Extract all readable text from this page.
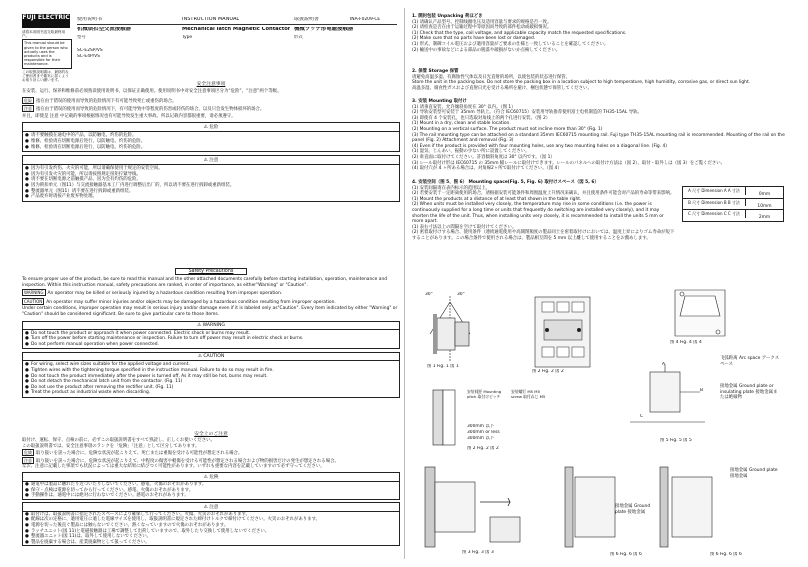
FUJI ELECTRIC
请将本说明书送交给最终用户。
This manual should be given to the person who actually uses the products and is responsible for their maintenance.
この取扱説明書は、最終的なご使用者まで確実に届くようお取り計らい願います。
使用说明书	INSTRUCTION MANUAL	取扱説明書	INA-F0209-CE
机械锁扣型交流接触器	Mechanical latch Magnetic Contactor 機械ラッチ形電磁接触器
型号	Type	形式
SC-E2SP/VS
SC-E4P/VS
安全注意事项
在安装、运行、保养和维修前必须熟读使用说明书，以保证正确使用。使用说明书中对安全注意事项区分为“危险”、“注意”两个等级。
危险 指在由于错误的使用而导致的危险情况下有可能导致死亡或重伤的场合。
注意 指在由于错误的使用而导致的危险情况下，有可能导致中等程度的伤害或轻伤的场合，以及只会发生物体损坏的场合。
并且，即使是 注意 中记载的事项根据情况也有可能导致发生重大事故。所以记载内容都很重要，请必须遵守。
⚠ 危险
● 请不要触摸在通电中的产品，以防触电、灼伤的危险。
● 维修、检验请在切断电源后进行，以防触电、灼伤的危险。
● 维修、检验请在切断电源后进行，以防触电、灼伤的危险。
⚠ 注意
● 因为有引发灼伤、火灾的可能，所以请确保使用于规定的安装空间。
● 因为有引发火灾的可能，所以请按照规定扭矩拧紧导线。
● 请不要在切断电源之前触摸产品，因为会有灼伤的危险。
● 因为锁扣单元（图11）与交流接触器基本工厂内进行调整后出厂的，所以请不要在进行拆卸或重新组装。
● 整流器单元（图11）请不要在进行拆卸或重新组装。
● 产品废弃时请按产业废弃物处理。
Safety Precautions
To ensure proper use of the product, be sure to read this manual and the other attached documents carefully before starting installation, operation, maintenance and inspection. Within this instruction manual, safety precautions are ranked, in order of importance, as either"Warning" or "Caution".
WARNING An operator may be killed or seriously injured by a hazardous condition resulting from improper operation.
CAUTION An operator may suffer minor injuries and/or objects may be damaged by a hazardous condition resulting from improper operation.
Under certain conditions, improper operation may result in serious injury and/or damage even if it is labeled only as"Caution". Every item indicated by either "Warning" or "Caution" should be considered significant. Be sure to give particular care to those items.
⚠ WARNING
● Do not touch the product or approach it when power connected. Electric shock or burns may result.
● Turn off the power before starting maintenance or inspection. Failure to turn off power may result in electric shock or burns.
● Do not perform manual operation when power connected.
⚠ CAUTION
● For wiring, select wire sizes suitable for the applied voltage and current.
● Tighten wires with the tightening torque specified in the instruction manual. Failure to do so may result in fire.
● Do not touch the product immediately after the power is turned off. As it may still be hot, burns may result.
● Do not detach the mechanical latch unit from the contactor. (Fig. 11)
● Do not use the product after removing the rectifier unit. (Fig. 11)
● Treat the product as industrial waste when discarding.
安全上のご注意
取付け、運転、保守、点検の前に、必ずこの取扱説明書をすべて熟読し、正しくお使いください。
この取扱説明書では、安全注意事項のランクを「危険」「注意」として区分してあります。
危険 取り扱いを誤った場合に、危険な状況が起こりえて、死亡または重傷を受ける可能性が想定される場合。
注意 取り扱いを誤った場合に、危険な状況が起こりえて、中程度の傷害や軽傷を受ける可能性が想定される場合および物的損害だけの発生が想定される場合。
なお、注意に記載した事項でも状況によっては重大な結果に結びつく可能性があります。いずれも重要な内容を記載していますので必ず守ってください。
⚠ 危険
● 通電中は製品に触れたり近づいたりしないでください。感電、火傷のおそれがあります。
● 保守・点検は電源を切ってから行ってください。感電、火傷のおそれがあります。
● 手動操作は、通電中には絶対に行わないでください。感電のおそれがあります。
⚠ 注意
● 取付けは、取扱説明書に指定されたスペースにより確保して行ってください。火傷、火災のおそれがあります。
● 配線は次の定格に、適用電圧に適した電線サイズを使用し、取扱説明書に規定された締付けトルクで締付けてください。火災のおそれがあります。
● 電源を切った後直ぐ製品には触らないでください。熱くなっていますので火傷のおそれがあります。
● ラッチユニット(図 11)と電磁接触器は工場で調整して出荷していますので、取外したり交換して使用しないでください。
● 整流器ユニット(図 11)は、取外して使用しないでください。
● 製品を廃棄する場合は、産業廃棄物として扱ってください。
1. 開封包装 Unpacking 荷ほどき
(1) 请确认产品型号、控制线圈电压及适用容量与要求的规格是否一致。
(2) 请检查是否在由于运输过程中等原因而导致的部件松动或破损情况。
(1) Check that the type, coil voltage, and applicable capacity match the requested specifications.
(2) Make sure that no parts have been lost or damaged.
(1) 形式、制御コイル電圧および適用容量がご要求の仕様と一致していることを確認してください。
(2) 輸送中の事故などによる部品の脱落や破損がないか点検してください。
2. 保管 Storage 保管
请避免高温多湿、有腐蚀性气体以及日光直射的场所，以使包装的状态进行保管。
Store the unit in the packing box. Do not store the packing box in a location subject to high temperature, high humidity, corrosive gas, or direct sun light.
高温多湿、腐食性ガスおよび直射日光を受ける場所を避け、梱包状態で保管してください。
3. 安装 Mounting 取付け
(1) 请垂直安装，允许倾斜角度在 30° 以内。（图 1）
(2) 导轨安装型可安装于 35mm 导轨上。（符合 IEC60715）安装用导轨推荐使用富士电机制造的 TH35-15AL 导轨。
(3) 即使有 4 个安装孔，也只选取对角线上的两个孔进行安装。（图 2）
(1) Mount in a dry, clean and stable location.
(2) Mounting on a vertical surface. The product must not incline more than 30° (Fig. 1)
(3) The rail mounting type can be attached on a standard 35mm IEC60715 mounting rail. Fuji type TH35-15AL mounting rail is recommended. Mounting of the rail on the panel (Fig. 2) Attachment and removal (Fig. 3)
(4) Even if the product is provided with four mounting holes, use any two mounting holes on a diagonal line. (Fig. 4)
(1) 湿気、じんあい、振動の少ない所に設置してください。
(2) 垂直面に取付けてください。許容傾斜角度は 30° 以内です。（図 1）
(3) レール取付け形は IEC60715 の 35mm 幅レールに取付けできます。レールのパネルへの取付け方法は（図 2）、取付・取外しは（図 3）をご覧ください。
(4) 取付穴が 4 ヶ所ある場合は、対角線2ヶ所で取付けてください。（図 4）
4. 安装空间（图 5、图 6） Mounting space(Fig. 5, Fig. 6) 取付けスペース（図 5, 6）
(1) 安装间隔请在表内标示的范围以上。
(2) 若要安装于一定距离使用的场合，请根据安装可能条件和周围温度上升情况来确认，并且使用条件可能会对产品的寿命等带来影响。
(1) Mount the products at a distance of at least that shown in the table right.
(2) When units must be installed very closely, the temperature may rise in some conditions (i.e. the power is continuously supplied for a long time or units that frequently do switching are installed very closely), and it may shorten the life of the unit. Thus, when installing units very closely, it is recommended to install the units 5 mm or more apart.
(1) 表右寸法以上の間隔を空けて取付けてください。
(2) 密着取付けする場合、使用条件（連続通電使用や高開閉頻度の製品同士を密着取付けにおいては、温度上昇によりゴム寿命が短下することがあります。この場合条件で使用される場合は、製品相互間を 5 mm 以上離して使用することをお薦めします。
A 尺寸 Dimension A A 寸法
0mm
B 尺寸 Dimension B B 寸法
10mm
C 尺寸 Dimension C C 寸法
2mm
30°	30°
图 1 Fig. 1 図 1
图 2 Fig. 2 図 2
安装间距 Mounting pitch 取付けピッチ
安装螺钉 M5 M5 screw 取付ねじ M5
300mm 以下
300mm or less
300mm 以下
图 2 Fig. 2 図 2
图 3 Fig. 3 図 3
图 4 Fig. 4 図 4
A
B
C
飞弧距离 Arc space アークスペース
接地金属 Ground plate or insulating plate 接地金属または絶縁物
图 5 Fig. 5 図 5
接地金属 Ground plate 接地金属
接地金属 Ground plate 接地金属
图 6 Fig. 6 図 6	图 6 Fig. 6 図 6
